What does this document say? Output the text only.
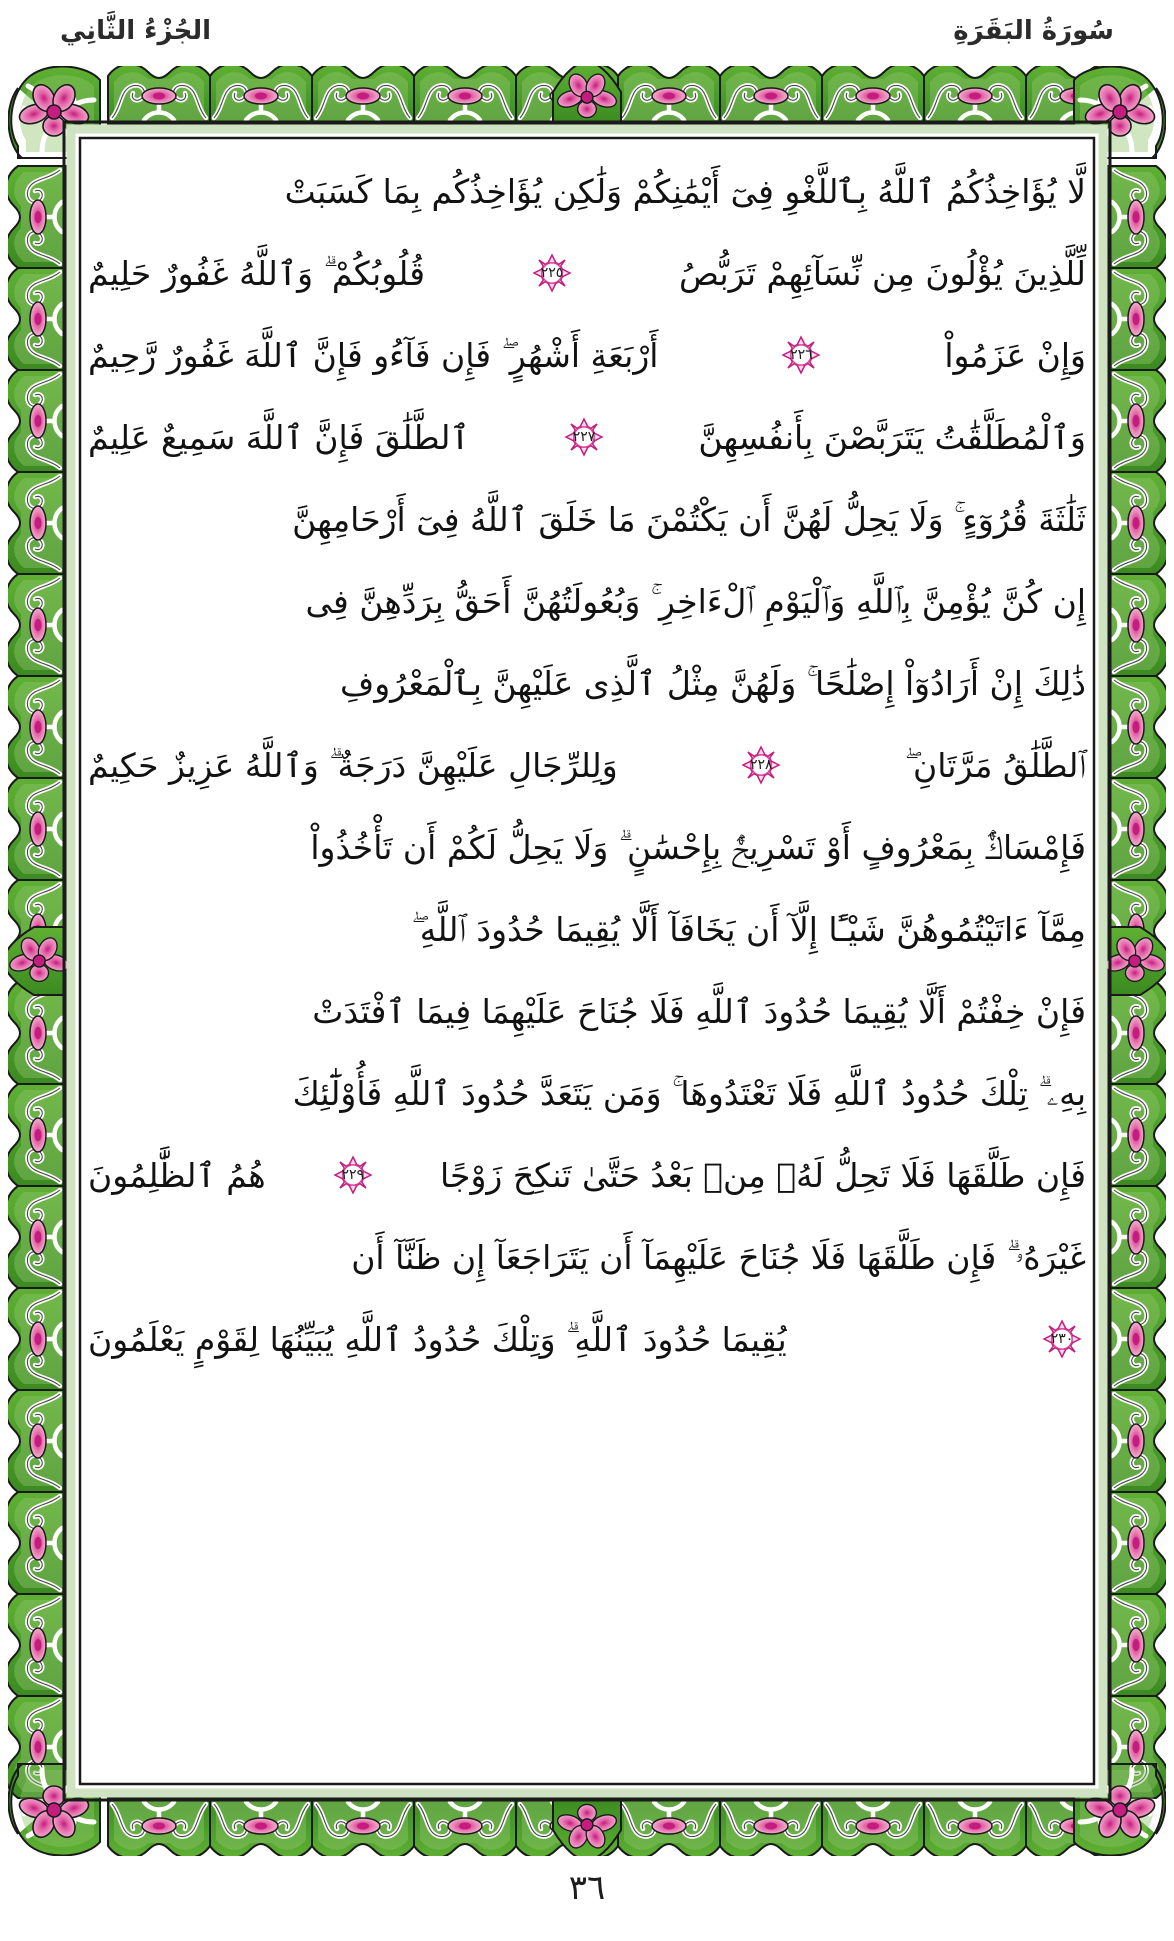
سُورَةُ البَقَرَةِ
الجُزْءُ الثَّانِي
لَّا يُؤَاخِذُكُمُ ٱللَّهُ بِٱللَّغْوِ فِىٓ أَيْمَٰنِكُمْ وَلَٰكِن يُؤَاخِذُكُم بِمَا كَسَبَتْ
لِّلَّذِينَ يُؤْلُونَ مِن نِّسَآئِهِمْ تَرَبُّصُ
٢٢٥
قُلُوبُكُمْ ۗ وَٱللَّهُ غَفُورٌ حَلِيمٌ
وَإِنْ عَزَمُواْ
٢٢٦
أَرْبَعَةِ أَشْهُرٍ ۖ فَإِن فَآءُو فَإِنَّ ٱللَّهَ غَفُورٌ رَّحِيمٌ
وَٱلْمُطَلَّقَٰتُ يَتَرَبَّصْنَ بِأَنفُسِهِنَّ
٢٢٧
ٱلطَّلَٰقَ فَإِنَّ ٱللَّهَ سَمِيعٌ عَلِيمٌ
ثَلَٰثَةَ قُرُوٓءٍ ۚ وَلَا يَحِلُّ لَهُنَّ أَن يَكْتُمْنَ مَا خَلَقَ ٱللَّهُ فِىٓ أَرْحَامِهِنَّ
إِن كُنَّ يُؤْمِنَّ بِٱللَّهِ وَٱلْيَوْمِ ٱلْءَاخِرِ ۚ وَبُعُولَتُهُنَّ أَحَقُّ بِرَدِّهِنَّ فِى
ذَٰلِكَ إِنْ أَرَادُوٓاْ إِصْلَٰحًا ۚ وَلَهُنَّ مِثْلُ ٱلَّذِى عَلَيْهِنَّ بِٱلْمَعْرُوفِ
ٱلطَّلَٰقُ مَرَّتَانِ ۖ
٢٢٨
وَلِلرِّجَالِ عَلَيْهِنَّ دَرَجَةٌ ۗ وَٱللَّهُ عَزِيزٌ حَكِيمٌ
فَإِمْسَاكٌۢ بِمَعْرُوفٍ أَوْ تَسْرِيحٌۢ بِإِحْسَٰنٍ ۗ وَلَا يَحِلُّ لَكُمْ أَن تَأْخُذُواْ
مِمَّآ ءَاتَيْتُمُوهُنَّ شَيْـًٔا إِلَّآ أَن يَخَافَآ أَلَّا يُقِيمَا حُدُودَ ٱللَّهِ ۖ
فَإِنْ خِفْتُمْ أَلَّا يُقِيمَا حُدُودَ ٱللَّهِ فَلَا جُنَاحَ عَلَيْهِمَا فِيمَا ٱفْتَدَتْ
بِهِۦ ۗ تِلْكَ حُدُودُ ٱللَّهِ فَلَا تَعْتَدُوهَا ۚ وَمَن يَتَعَدَّ حُدُودَ ٱللَّهِ فَأُوْلَٰٓئِكَ
فَإِن طَلَّقَهَا فَلَا تَحِلُّ لَهُۥ مِنۢ بَعْدُ حَتَّىٰ تَنكِحَ زَوْجًا
٢٢٩
هُمُ ٱلظَّٰلِمُونَ
غَيْرَهُۥ ۗ فَإِن طَلَّقَهَا فَلَا جُنَاحَ عَلَيْهِمَآ أَن يَتَرَاجَعَآ إِن ظَنَّآ أَن
٢٣٠
يُقِيمَا حُدُودَ ٱللَّهِ ۗ وَتِلْكَ حُدُودُ ٱللَّهِ يُبَيِّنُهَا لِقَوْمٍ يَعْلَمُونَ
٣٦
